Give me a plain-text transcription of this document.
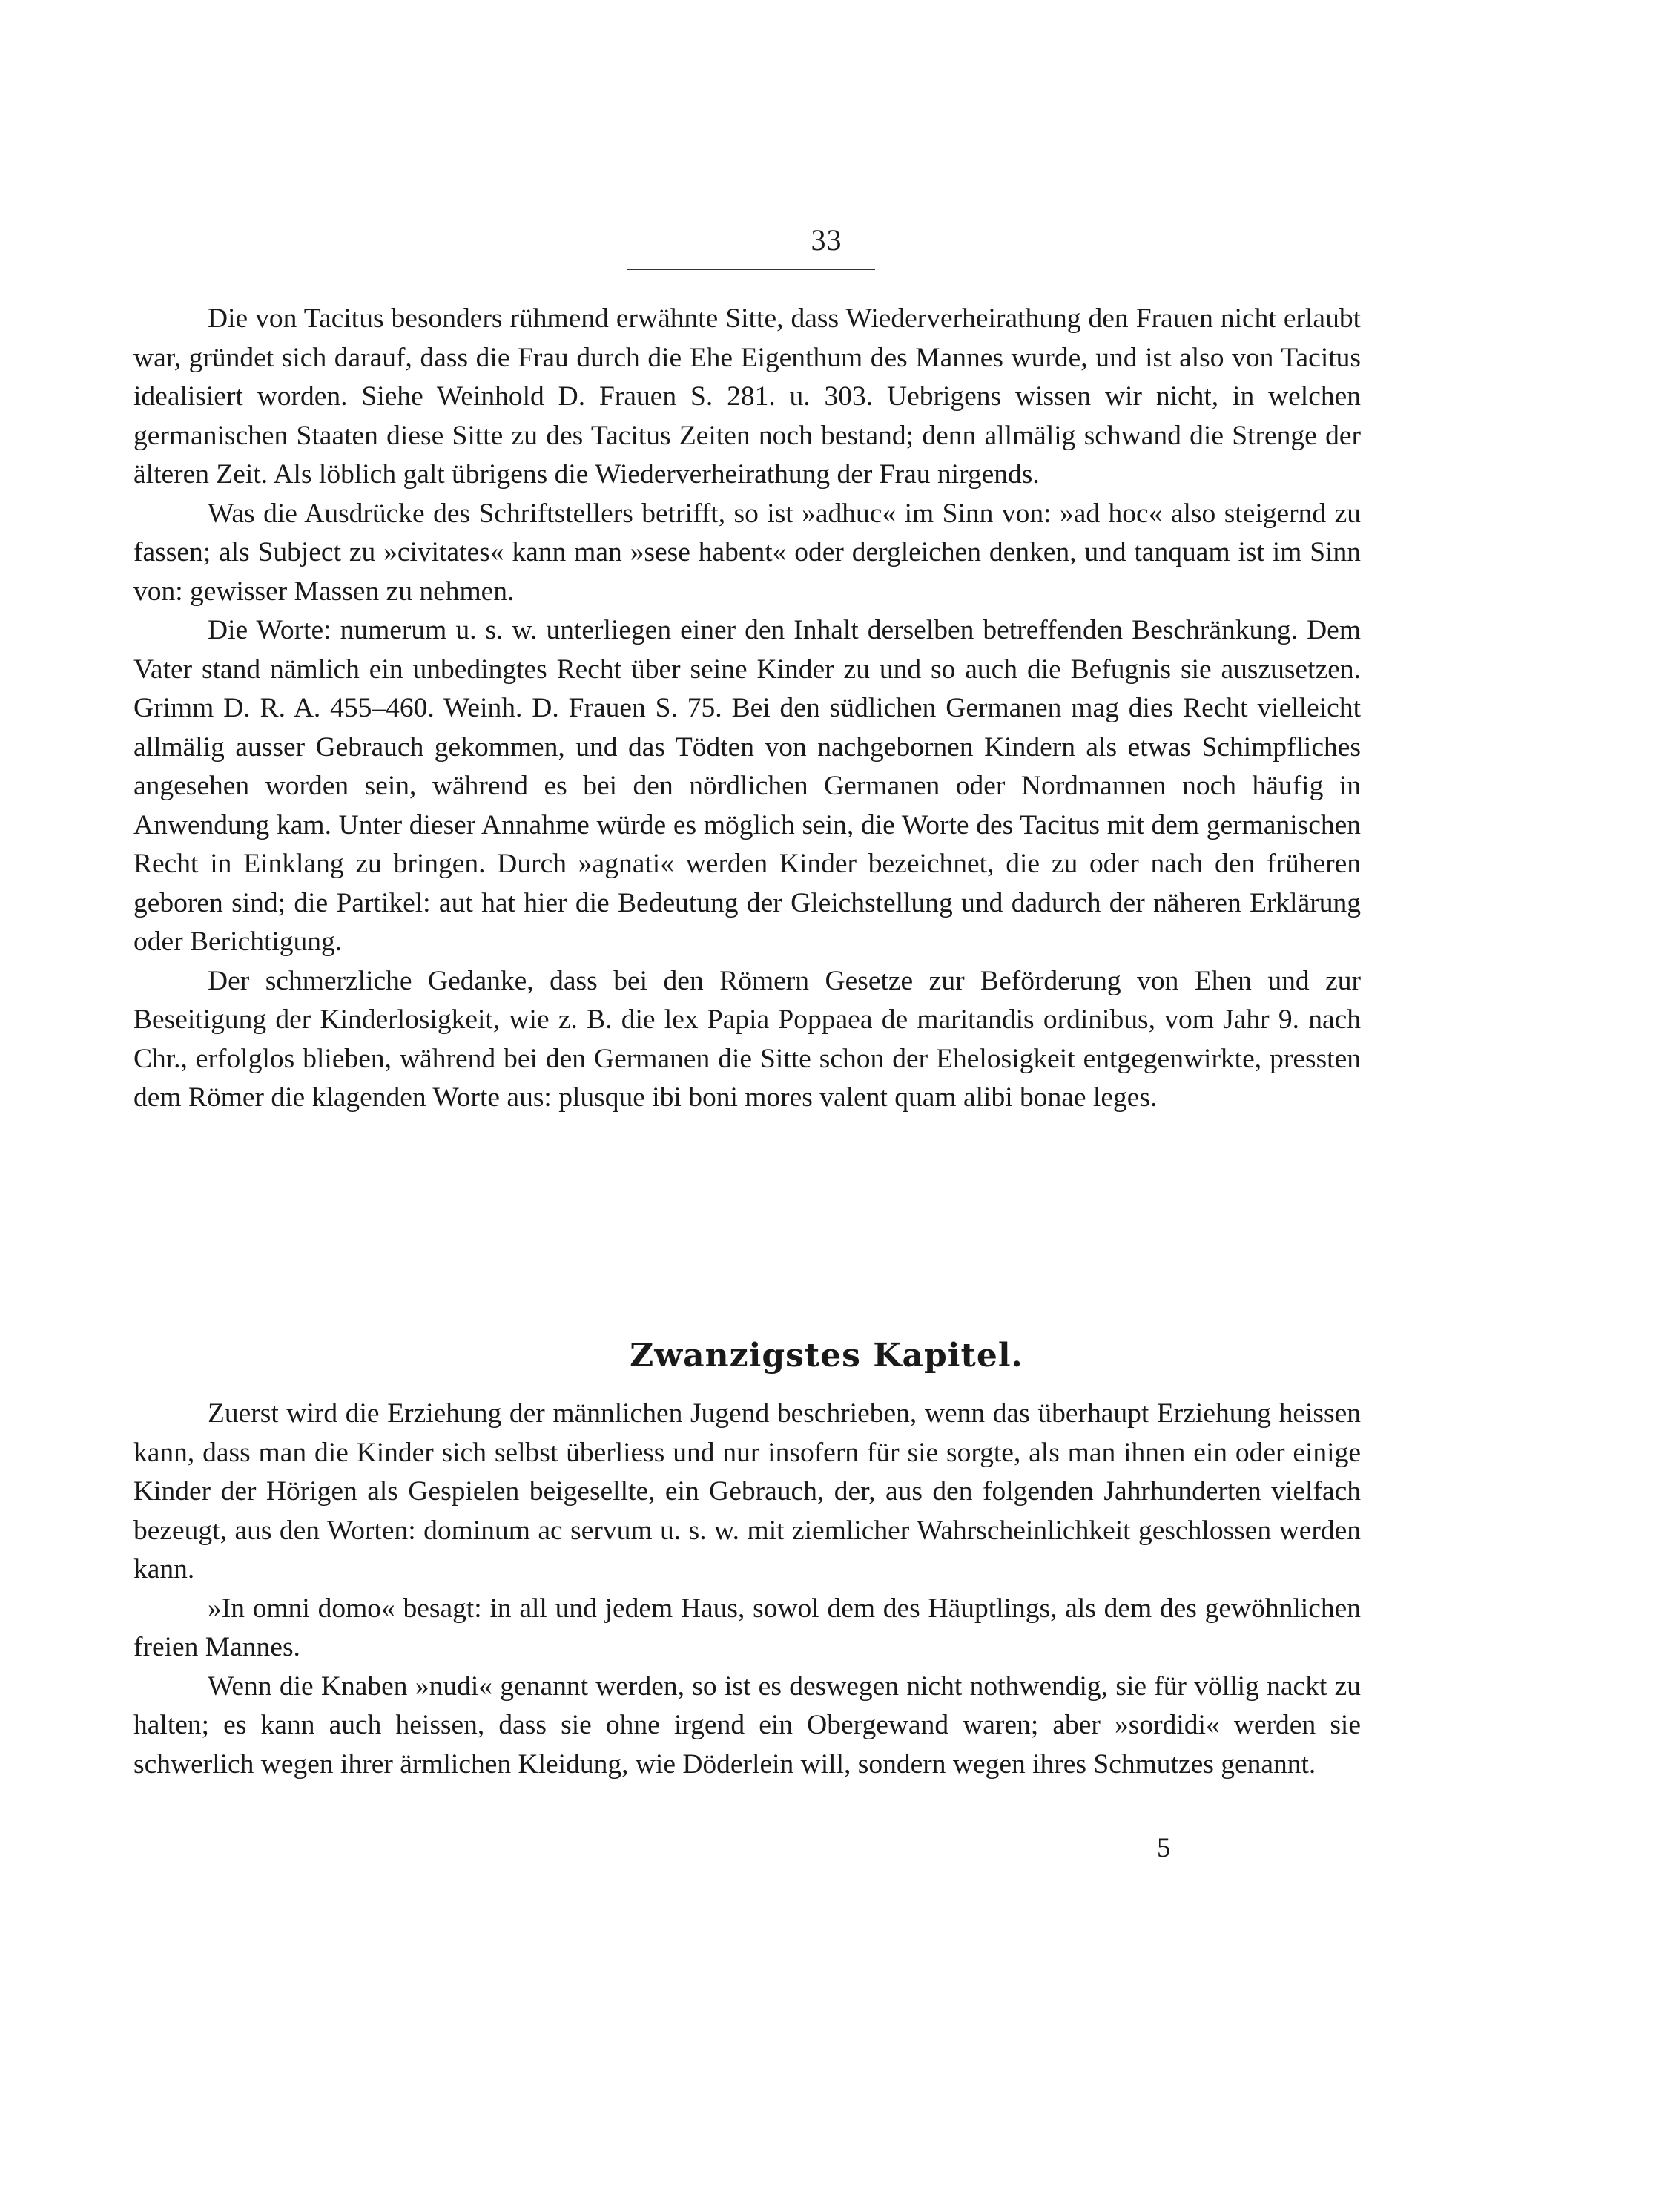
33

Die von Tacitus besonders rühmend erwähnte Sitte, dass Wiederverheirathung den Frauen nicht erlaubt war, gründet sich darauf, dass die Frau durch die Ehe Eigenthum des Mannes wurde, und ist also von Tacitus idealisiert worden. Siehe Weinhold D. Frauen S. 281. u. 303. Uebrigens wissen wir nicht, in welchen germanischen Staaten diese Sitte zu des Tacitus Zeiten noch bestand; denn allmälig schwand die Strenge der älteren Zeit. Als löblich galt übrigens die Wiederverheirathung der Frau nirgends.

Was die Ausdrücke des Schriftstellers betrifft, so ist »adhuc« im Sinn von: »ad hoc« also steigernd zu fassen; als Subject zu »civitates« kann man »sese habent« oder dergleichen denken, und tanquam ist im Sinn von: gewisser Massen zu nehmen.

Die Worte: numerum u. s. w. unterliegen einer den Inhalt derselben betreffenden Beschränkung. Dem Vater stand nämlich ein unbedingtes Recht über seine Kinder zu und so auch die Befugnis sie auszusetzen. Grimm D. R. A. 455–460. Weinh. D. Frauen S. 75. Bei den südlichen Germanen mag dies Recht vielleicht allmälig ausser Gebrauch gekommen, und das Tödten von nachgebornen Kindern als etwas Schimpfliches angesehen worden sein, während es bei den nördlichen Germanen oder Nordmannen noch häufig in Anwendung kam. Unter dieser Annahme würde es möglich sein, die Worte des Tacitus mit dem germanischen Recht in Einklang zu bringen. Durch »agnati« werden Kinder bezeichnet, die zu oder nach den früheren geboren sind; die Partikel: aut hat hier die Bedeutung der Gleichstellung und dadurch der näheren Erklärung oder Berichtigung.

Der schmerzliche Gedanke, dass bei den Römern Gesetze zur Beförderung von Ehen und zur Beseitigung der Kinderlosigkeit, wie z. B. die lex Papia Poppaea de maritandis ordinibus, vom Jahr 9. nach Chr., erfolglos blieben, während bei den Germanen die Sitte schon der Ehelosigkeit entgegenwirkte, pressten dem Römer die klagenden Worte aus: plusque ibi boni mores valent quam alibi bonae leges.

Zwanzigstes Kapitel.

Zuerst wird die Erziehung der männlichen Jugend beschrieben, wenn das überhaupt Erziehung heissen kann, dass man die Kinder sich selbst überliess und nur insofern für sie sorgte, als man ihnen ein oder einige Kinder der Hörigen als Gespielen beigesellte, ein Gebrauch, der, aus den folgenden Jahrhunderten vielfach bezeugt, aus den Worten: dominum ac servum u. s. w. mit ziemlicher Wahrscheinlichkeit geschlossen werden kann.

»In omni domo« besagt: in all und jedem Haus, sowol dem des Häuptlings, als dem des gewöhnlichen freien Mannes.

Wenn die Knaben »nudi« genannt werden, so ist es deswegen nicht nothwendig, sie für völlig nackt zu halten; es kann auch heissen, dass sie ohne irgend ein Obergewand waren; aber »sordidi« werden sie schwerlich wegen ihrer ärmlichen Kleidung, wie Döderlein will, sondern wegen ihres Schmutzes genannt.

5
